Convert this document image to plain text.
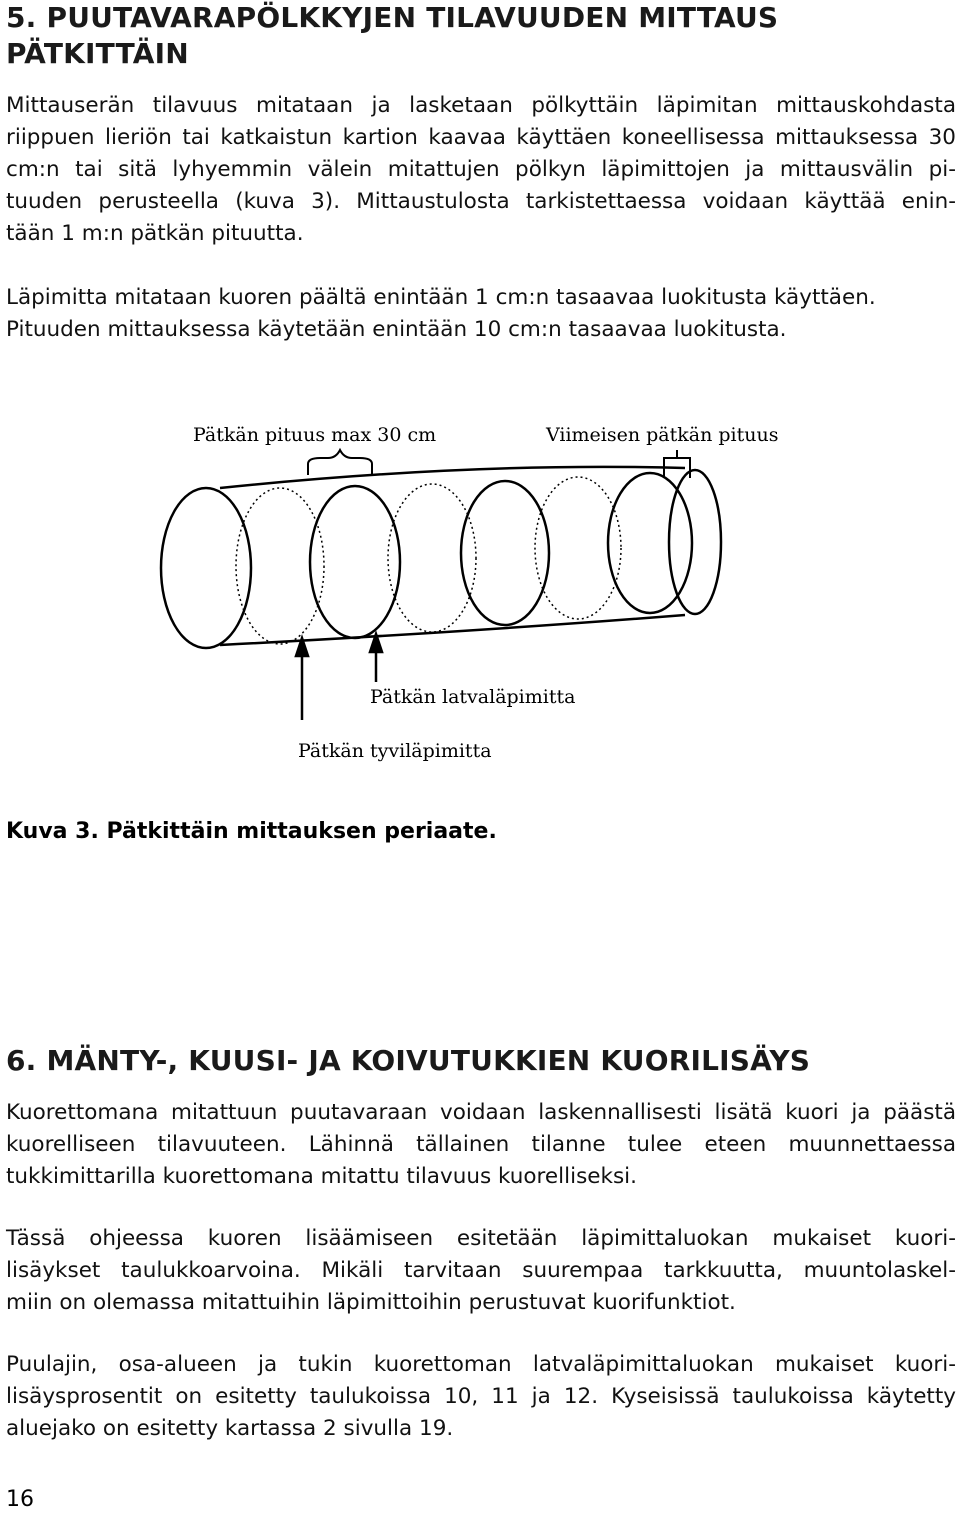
5. PUUTAVARAPÖLKKYJEN TILAVUUDEN MITTAUS
PÄTKITTÄIN

Mittauserän tilavuus mitataan ja lasketaan pölkyttäin läpimitan mittauskohdasta
riippuen lieriön tai katkaistun kartion kaavaa käyttäen koneellisessa mittauksessa 30
cm:n tai sitä lyhyemmin välein mitattujen pölkyn läpimittojen ja mittausvälin pi-
tuuden perusteella (kuva 3). Mittaustulosta tarkistettaessa voidaan käyttää enin-
tään 1 m:n pätkän pituutta.

Läpimitta mitataan kuoren päältä enintään 1 cm:n tasaavaa luokitusta käyttäen.
Pituuden mittauksessa käytetään enintään 10 cm:n tasaavaa luokitusta.

Pätkän pituus max 30 cm	Viimeisen pätkän pituus
Pätkän latvaläpimitta
Pätkän tyviläpimitta

Kuva 3. Pätkittäin mittauksen periaate.

6. MÄNTY-, KUUSI- JA KOIVUTUKKIEN KUORILISÄYS

Kuorettomana mitattuun puutavaraan voidaan laskennallisesti lisätä kuori ja päästä
kuorelliseen tilavuuteen. Lähinnä tällainen tilanne tulee eteen muunnettaessa
tukkimittarilla kuorettomana mitattu tilavuus kuorelliseksi.

Tässä ohjeessa kuoren lisäämiseen esitetään läpimittaluokan mukaiset kuori-
lisäykset taulukkoarvoina. Mikäli tarvitaan suurempaa tarkkuutta, muuntolaskel-
miin on olemassa mitattuihin läpimittoihin perustuvat kuorifunktiot.

Puulajin, osa-alueen ja tukin kuorettoman latvaläpimittaluokan mukaiset kuori-
lisäysprosentit on esitetty taulukoissa 10, 11 ja 12. Kyseisissä taulukoissa käytetty
aluejako on esitetty kartassa 2 sivulla 19.

16
